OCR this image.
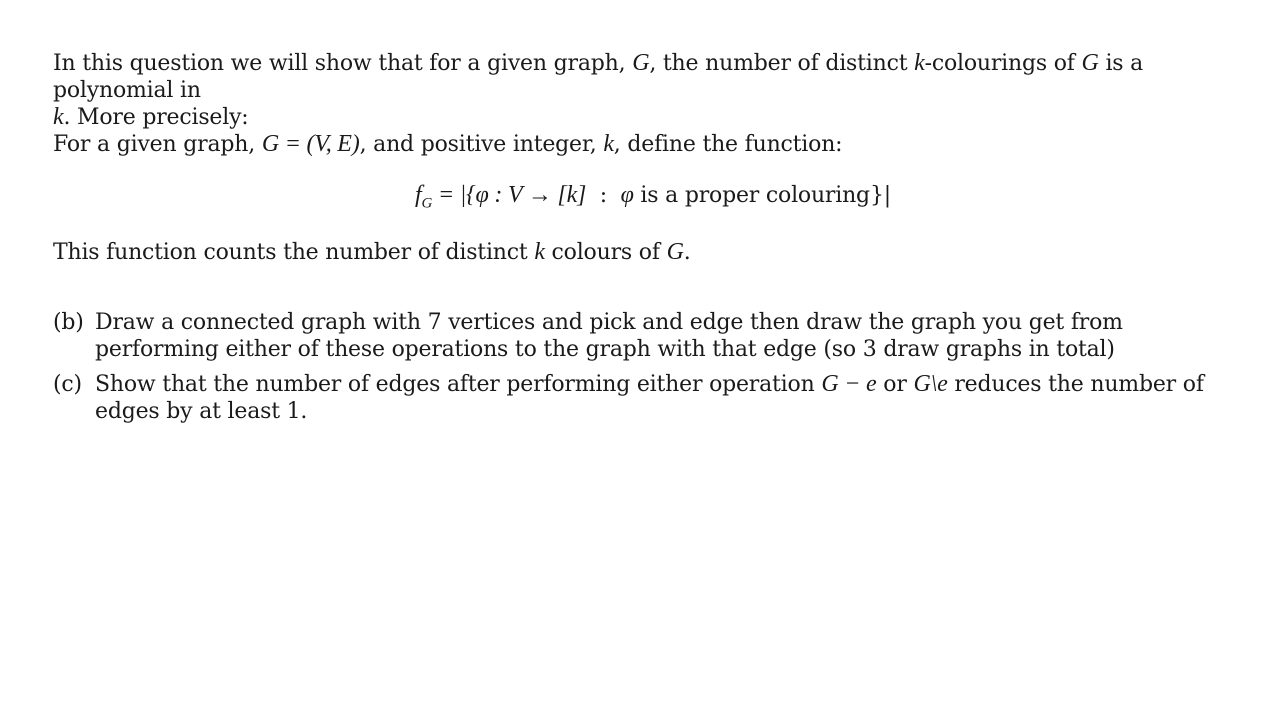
In this question we will show that for a given graph, G, the number of distinct k-colourings of G is a polynomial in
k. More precisely:
For a given graph, G = (V, E), and positive integer, k, define the function:

$f_G = |\{\varphi$ : V → [k]  :  φ is a proper colouring}|

This function counts the number of distinct k colours of G.

(b) Draw a connected graph with 7 vertices and pick and edge then draw the graph you get from performing either of these operations to the graph with that edge (so 3 draw graphs in total)
(c) Show that the number of edges after performing either operation G − e or G\e reduces the number of edges by at least 1.
